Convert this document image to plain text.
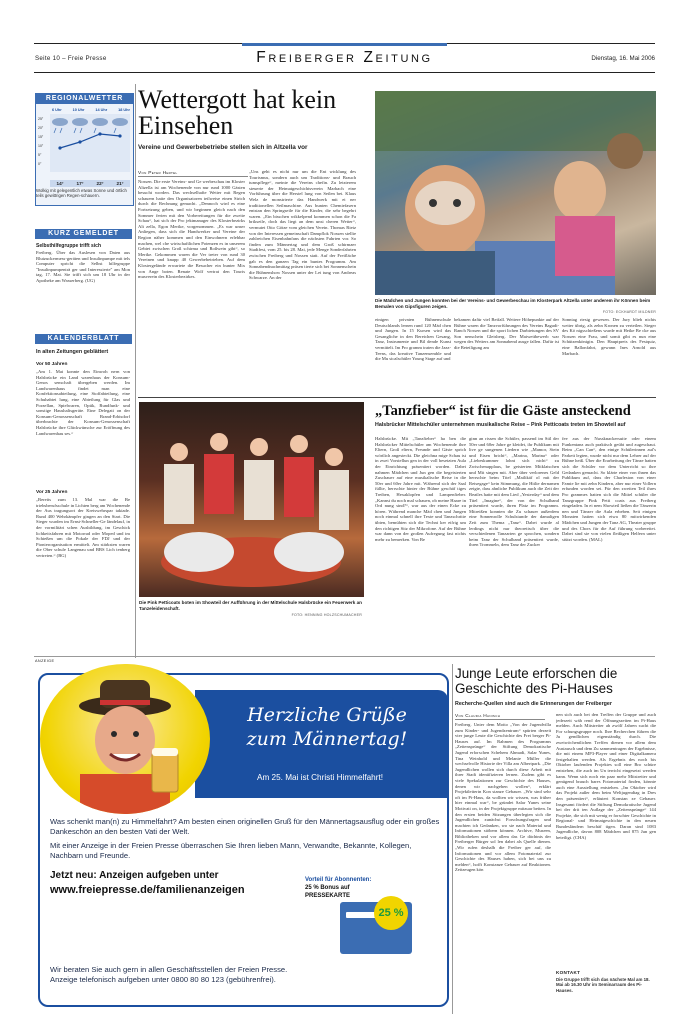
Seite 10 – Freie Presse	Freiberger Zeitung	Dienstag, 16. Mai 2006
REGIONALWETTER
6 Uhr	10 Uhr	14 Uhr	18 Uhr
25°
20°
15°
10°
5°
0°
14°	17°	22°	21°
Wolkig mit gelegentlich etwas Sonne und örtlich teils gewittrigen Regen-schauern.
KURZ GEMELDET
Selbsthilfegruppe trifft sich
Freiberg. Über das Auslesen von Daten aus Blutzuckermess-geräten und Insulinpumpe mit tels Computer spricht die Selbst hilfegruppe "Insulinpumpenträ ger und Interessierte" am Mon tag, 17. Mai. Sie trifft sich um 18 Uhr in der Apotheke am Wasserberg. (UG)
KALENDERBLATT
In alten Zeitungen geblättert
Vor 50 Jahren
„Am 1. Mai konnte den Einwoh nern von Halsbrücke ein Land warenhaus der Konsum-Genos senschaft übergeben werden. Im Landwarenhaus findet man eine Konfektionsabteilung, eine Stoffabteilung, eine Schuhabtei lung, eine Abteilung für Glas und Porzellan, Spielwaren, Optik, Rundfunk- und sonstige Haushaltsgeräte. Eine Delegati on der Konsum-Genossenschaft Brand-Erbisdorf überbrachte der Konsum-Genossenschaft Halsbrücke ihre Glückwünsche zur Eröffnung des Landwarenhau ses.“
Vor 25 Jahren
„Bereits zum 13. Mal war die Be triebsberufsschule in Lichten berg am Wochenende der Aus tragungsort der Kreiswehrspar takiade. Rund 400 Wehrkämpfer gingen an den Start. Die Sieger wurden im Ernst-Schneller-Ge ländelauf, in der vormilitäri schen Ausbildung, im Geschick lichkeitsfahren mit Motorrad oder Moped und im Schießen um die Pokale der FDJ und der Pionierorganisation ermittelt. Am stärksten waren die Ober schule Langenau und BBS Lich tenberg vertreten.“ (BG)
Wettergott hat kein Einsehen
Vereine und Gewerbebetriebe stellen sich in Altzella vor
Von Peter Hertel
Nossen. Die erste Vereins- und Ge werbeschau im Kloster Altzella ist am Wochenende von nur rund 1000 Gästen besucht worden. Das wechselhafte Wetter mit Regen schauern hatte den Organisatoren teilweise einen Strich durch die Rechnung gemacht. „Dennoch wird es eine Fortsetzung geben, und wir beginnen gleich nach den Sommer ferien mit den Vorbereitungen für die zweite Schau“, hat sich der Pro jektmanager des Klosterbezirks Alt zella, Egon Mertke, vorgenommen. „Es war unser Anliegen, dass sich die Handwerker und Vereine der Region näher kommen und den Einwohnern erlebbar machen, wel che wirtschaftlichen Potenzen es in unserem Gebiet zwischen Groß schirma und Roßwein gibt“, so Mertke. Gekommen waren die Ver treter von rund 30 Vereinen und knapp 40 Gewerbebetrieben. Auf dem Klostergelände erwartete die Besucher ein bunter Mix von Ange boten. Renate Wolf vertrat den Touris musverein des Klosterbezirkes.
„Uns geht es nicht nur um die Ent wicklung des Tourismus, sondern auch um Traditions- und Brauch tumspflege“, meinte die Vereins chefin. Zu letzterem steuerte der Heimatgeschichtsverein Marbach eine Vorführung über die Herstel lung von Seilen bei. Klaus Welz de monstrierte das Handwerk mit ei ner traditionellen Seilmaschine. Aus bunten Chemiefasern entstan den Springseile für die Kinder, die sehr begehrt waren. „Ein bisschen wikkelpend kommen schon die Fa brikseile, doch das liegt an dem unsi cheren Wetter“, vermutet Otto Götze vom gleichen Verein. Thomas Rietz von der Interessen gemeinschaft Dampflok Nossen stellte zahlreichen Eisenbahnfans die nächsten Fahrten vor. So finden zum Männertag und dem Groß schirmaer Stadtfest, vom 25. bis 28. Mai, jede Menge Sonderfahrten zwischen Freiberg und Nossen statt. Auf der Freifläche gab es den ganzen Tag ein buntes Programm. Am Sonnabendnachmittag präsen tierte sich bei Sonnenschein die Bühnenshow Nossen unter der Lei tung von Andreas Schwarze. An der
Die Mädchen und Jungen konnten bei der Vereins- und Gewerbeschau im Klosterpark Altzella unter anderem ihr Können beim Bemalen von Gipsfiguren zeigen.
FOTO: ECKHARDT MILDNER
einigen privaten Bühnenschule Deutschlands lernen rund 120 Mäd chen und Jungen. In 15 Kursen wird das Gesangliche in den Bereichen Gesang, Tanz, Instrumente und Bil dende Kunst vermittelt. Im Pro gramm traten die Jazz-Teens, das kreative Tanzensemble und die Mu sicalschüler Young Stage auf und
bekamen dafür viel Beifall. Weitere Höhepunkte auf der Bühne waren die Tanzvorführungen des Vereins Bagadi-Ranch Nossen und die sport lichen Darbietungen des SV Son nenschein Gleisberg. Der Maiwettbewerb war wegen des Wetters am Sonnabend ausge fallen. Dafür ist die Beteiligung am
Sonntag riesig gewesen. Der Jury blieb nichts weiter übrig, als zehn Kronen zu verteilen. Sieger des Kö nigsschießens wurde mit Heike Be cke aus Nossen eine Frau, und somit gibt es nun eine Schützenkönigin. Den Hauptpreis des Festquiz, eine Ballonfahrt, gewann Ines Arnold aus Marbach.
Die Pink Petticoats boten im Showteil der Aufführung in der Mittelschule Halsbrücke ein Feuerwerk an Tanzeleidenschaft.
FOTO: HENNING HOLZSCHUMACHER
„Tanzfieber“ ist für die Gäste ansteckend
Halsbrücker Mittelschüler unternehmen musikalische Reise – Pink Petticoats treten im Showteil auf
Halsbrücke. Mit „Tanzfieber“ ha ben die Halsbrücker Mittelschüler am Wochenende ihre Eltern, Groß eltern, Freunde und Gäste sprich wörtlich angesteckt. Die gleichna mige Schau ist in zwei Vorstellun gen in der voll besetzten Aula der Einrichtung präsentiert worden. Dabei nahmen Mädchen und Jun gen die begeisterten Zuschauer auf eine musikalische Reise in die 50er und 60er Jahre mit. Während sich der Saal füllte, herrschte hinter der Bühne geschäf tiges Treiben, Hexaklopfen und Lampenfieber. „Kannst du noch mal schauen, ob meine Haare in Ord nung sind?“, war aus der einen Ecke zu hören. Während manche Mäd chen und Jungen noch einmal schnell ihre Texte und Tanzschritte übten, bemühten sich die Techni ker eifrig um den richtigen Sitz der Mikrofone. Auf der Bühne war dann von der großen Aufregung fast nichts mehr zu bemerken. Von Be
ginn an rissen die Schüler, passend im Stil der 50er und 60er Jahre ge kleidet, ihr Publikum mit live ge sungenen Liedern wie „Mamor, Stein und Eisen bricht“, „Marina, Marina“ oder „Liebeskummer lohnt sich nicht“ zu Zwischenapplaus, be geisterten Mitklatschen und Mit singen mit. Aber über verlorenes Geld herrschte beim Titel „Mailikäf ol mit der Reisegage“ kein Stimmung, die Hitlie dernamen zeigte, dass ahnliche Publikum auch die Zeit der Beatles hatte mit dem Lied „Yesterday“ und dem Titel „Imagine“, der von der Schulband präsentiert wurde, ihren Platz im Programm. Mitreißen konnten die Zu schauer außerdem eine Sonnenrolle Schulstunde der damaligen Zeit zum Thema „Tanz“. Dabei wurde al lerdings nicht nur theoretisch über die verschiedenen Tanzarten ge sprochen, sondern beim Tanz der Schulband präsentiert wurde, ihren Trommeln, dem Tanz der Zucker
fee aus der Nussknackersuite oder einem Funkentanz auch praktisch geübt und zugeschaut. Beim „Can Can“, den einige Schülerinnen auf's Parkett legten, wurde nicht nur dem Lehrer auf der Bühne heiß. Über die Erarbeitung der Tänze hatten sich die Schüler vor dem Unterricht so ihre Gedanken gemacht. So klärte einer von ihnen das Publikum auf, dass der Charleston von einer Famie lie mit zehn Kindern, aber nur einer Vollern erfunden worden sei. Für den zweiten Teil ihres Pro grammes hatten sich die Mittel schüler die Tanzgruppe Pink Petti coats aus Freiberg eingeladen. In ei nem Showteil ließen die Tänzerin nen und Tänzer die Aula erbeben. Seit einigen Monaten hatten sich etwa 80 mitwirkenden Mädchen und Jungen der Tanz AG, Theater gruppe und des Chors für die Auf führung vorbereitet. Dabei sind sie von vielen fleißigen Helfern unter stützt worden. (MAL)
ANZEIGE
Herzliche Grüße
zum Männertag!
Am 25. Mai ist Christi Himmelfahrt!
Was schenkt man(n) zu Himmelfahrt? Am besten einen originellen Gruß für den Männertagsausflug oder ein großes Dankeschön an den besten Vati der Welt.
Mit einer Anzeige in der Freien Presse überraschen Sie Ihren lieben Mann, Verwandte, Bekannte, Kollegen, Nachbarn und Freunde.
Jetzt neu: Anzeigen aufgeben unter
www.freiepresse.de/familienanzeigen
Vorteil für Abonnenten:
25 % Bonus auf
PRESSEKARTE
25 %
Wir beraten Sie auch gern in allen Geschäftsstellen der Freien Presse.
Anzeige telefonisch aufgeben unter 0800 80 80 123 (gebührenfrei).
Junge Leute erforschen die Geschichte des Pi-Hauses
Recherche-Quellen sind auch die Erinnerungen der Freiberger
Von Claudia Hanisch
Freiberg. Unter dem Motto „Von der Jugendvilla zum Kinder- und Jugendzentrum“ spürten derzeit vier junge Leute die Geschichte des Frei berger Pi-Hauses auf. Im Rahmen des Programms „Zeitensprünge“ der Stiftung Demokratische Jugend erforschen Schehem Ahmadi, Salar Yunes, Tina Weinhold und Melanie Müller die wechselvolle Historie der Villa am Albertpark. „Die Jugendlichen wollen sich durch diese Arbeit mit ihrer Stadt identifizieren lernen. Zudem gibt es viele Spekulationen zur Geschichte des Hauses, denen wir nachgehen wollen“, erklärt Projektleiterin Kon stanze Gebauer. „Wir sind sehr oft im Pi-Haus, da wollten wir wissen, was früher hier einmal war“, be gründet Salar Yunes seine Motivati on, in der Projektgruppe mitzuar beiten. In den ersten beiden Sitzungen überlegten sich die Jugendlichen zunächst Forschungsfragen und machten ich Gedanken, wo sie nach Material und Informationen stöbern können. Archive, Museen, Bibliotheken und vor allem das Ge dächtnis der Freiberger Bürger sol len dabei als Quelle dienen. „Wir rufen deshalb die Freiber ger auf, die Informationen und vor allem Fotomaterial zur Geschichte des Hauses haben, sich bei uns zu melden“, hofft Konstanze Gebauer auf Reaktionen. Zeitzeugen kön
nen sich auch bei den Treffen der Gruppe und auch jederzeit wäh rend der Öffnungszeiten im Pi-Haus melden. Auch Mitstreiter ab zwölf Jahren sucht die For schungsgruppe noch. Ihre Recherchen führen die Ju gendlichen eigenständig durch. Die zweiwöchentlichen Treffen dienen vor allem dem Austausch und dem Zu sammentragen der Ergebnisse, die mit einem MP3-Player und einer Digitalkamera festgehalten werden. Als Ergebnis des noch bis Oktober laufenden Projektes soll eine Bro schüre entstehen, die auch im Un terricht eingesetzt werden kann. Wenn sich noch ein paar mehr Mitstreiter und genügend brauch bares Fotomaterial finden, könnte auch eine Ausstellung entstehen. „Im Oktober wird das Projekt außer dem beim Weltjugendtag in Dres den präsentiert“, erläutert Konstan ze Gebauer. Insgesamt fördert die Stiftung Demokratische Jugend bei der drit ten Auflage der „Zeitensprünge“ 144 Projekte, die sich mit wenig er forschter Geschichte in Regional- und Heimatgeschichte in den neuen Bundesländern beschäf tigen. Daran sind 1083 Jugendliche, davon 808 Mädchen und 875 Jun gen beteiligt. (CHA)
KONTAKT
Die Gruppe trifft sich das nächste Mal am 18. Mai ab 16.30 Uhr im Seminarraum des Pi-Hauses.
